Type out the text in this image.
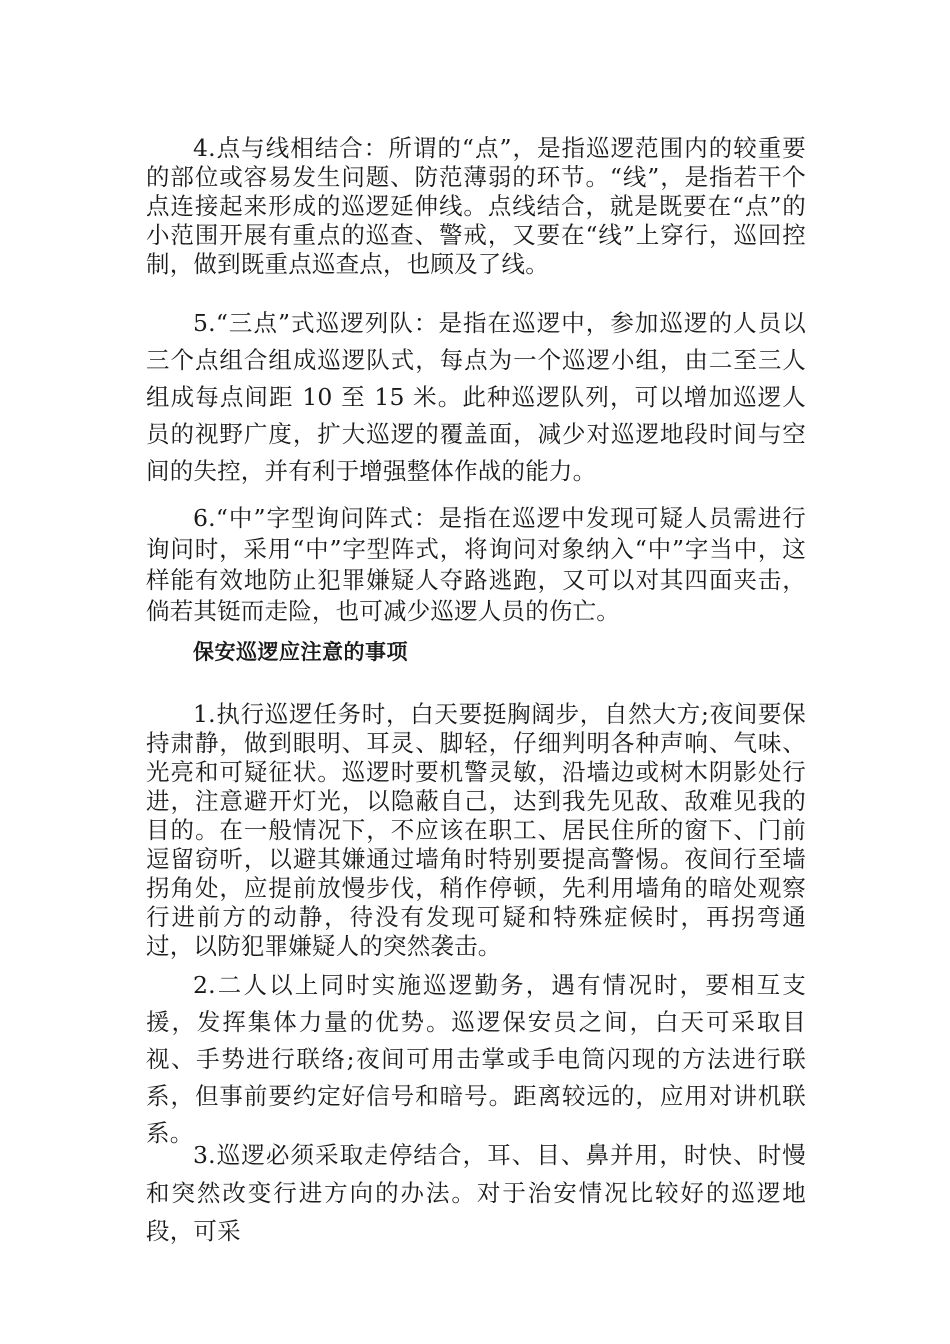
4.点与线相结合：所谓的“点”，是指巡逻范围内的较重要的部位或容易发生问题、防范薄弱的环节。“线”，是指若干个点连接起来形成的巡逻延伸线。点线结合，就是既要在“点”的小范围开展有重点的巡查、警戒，又要在“线”上穿行，巡回控制，做到既重点巡查点，也顾及了线。

5.“三点”式巡逻列队：是指在巡逻中，参加巡逻的人员以三个点组合组成巡逻队式，每点为一个巡逻小组，由二至三人组成每点间距 10 至 15 米。此种巡逻队列，可以增加巡逻人员的视野广度，扩大巡逻的覆盖面，减少对巡逻地段时间与空间的失控，并有利于增强整体作战的能力。

6.“中”字型询问阵式：是指在巡逻中发现可疑人员需进行询问时，采用“中”字型阵式，将询问对象纳入“中”字当中，这样能有效地防止犯罪嫌疑人夺路逃跑，又可以对其四面夹击，倘若其铤而走险，也可减少巡逻人员的伤亡。

保安巡逻应注意的事项

1.执行巡逻任务时，白天要挺胸阔步，自然大方;夜间要保持肃静，做到眼明、耳灵、脚轻，仔细判明各种声响、气味、光亮和可疑征状。巡逻时要机警灵敏，沿墙边或树木阴影处行进，注意避开灯光，以隐蔽自己，达到我先见敌、敌难见我的目的。在一般情况下，不应该在职工、居民住所的窗下、门前逗留窃听，以避其嫌通过墙角时特别要提高警惕。夜间行至墙拐角处，应提前放慢步伐，稍作停顿，先利用墙角的暗处观察行进前方的动静，待没有发现可疑和特殊症候时，再拐弯通过，以防犯罪嫌疑人的突然袭击。

2.二人以上同时实施巡逻勤务，遇有情况时，要相互支援，发挥集体力量的优势。巡逻保安员之间，白天可采取目视、手势进行联络;夜间可用击掌或手电筒闪现的方法进行联系，但事前要约定好信号和暗号。距离较远的，应用对讲机联系。

3.巡逻必须采取走停结合，耳、目、鼻并用，时快、时慢和突然改变行进方向的办法。对于治安情况比较好的巡逻地段，可采
